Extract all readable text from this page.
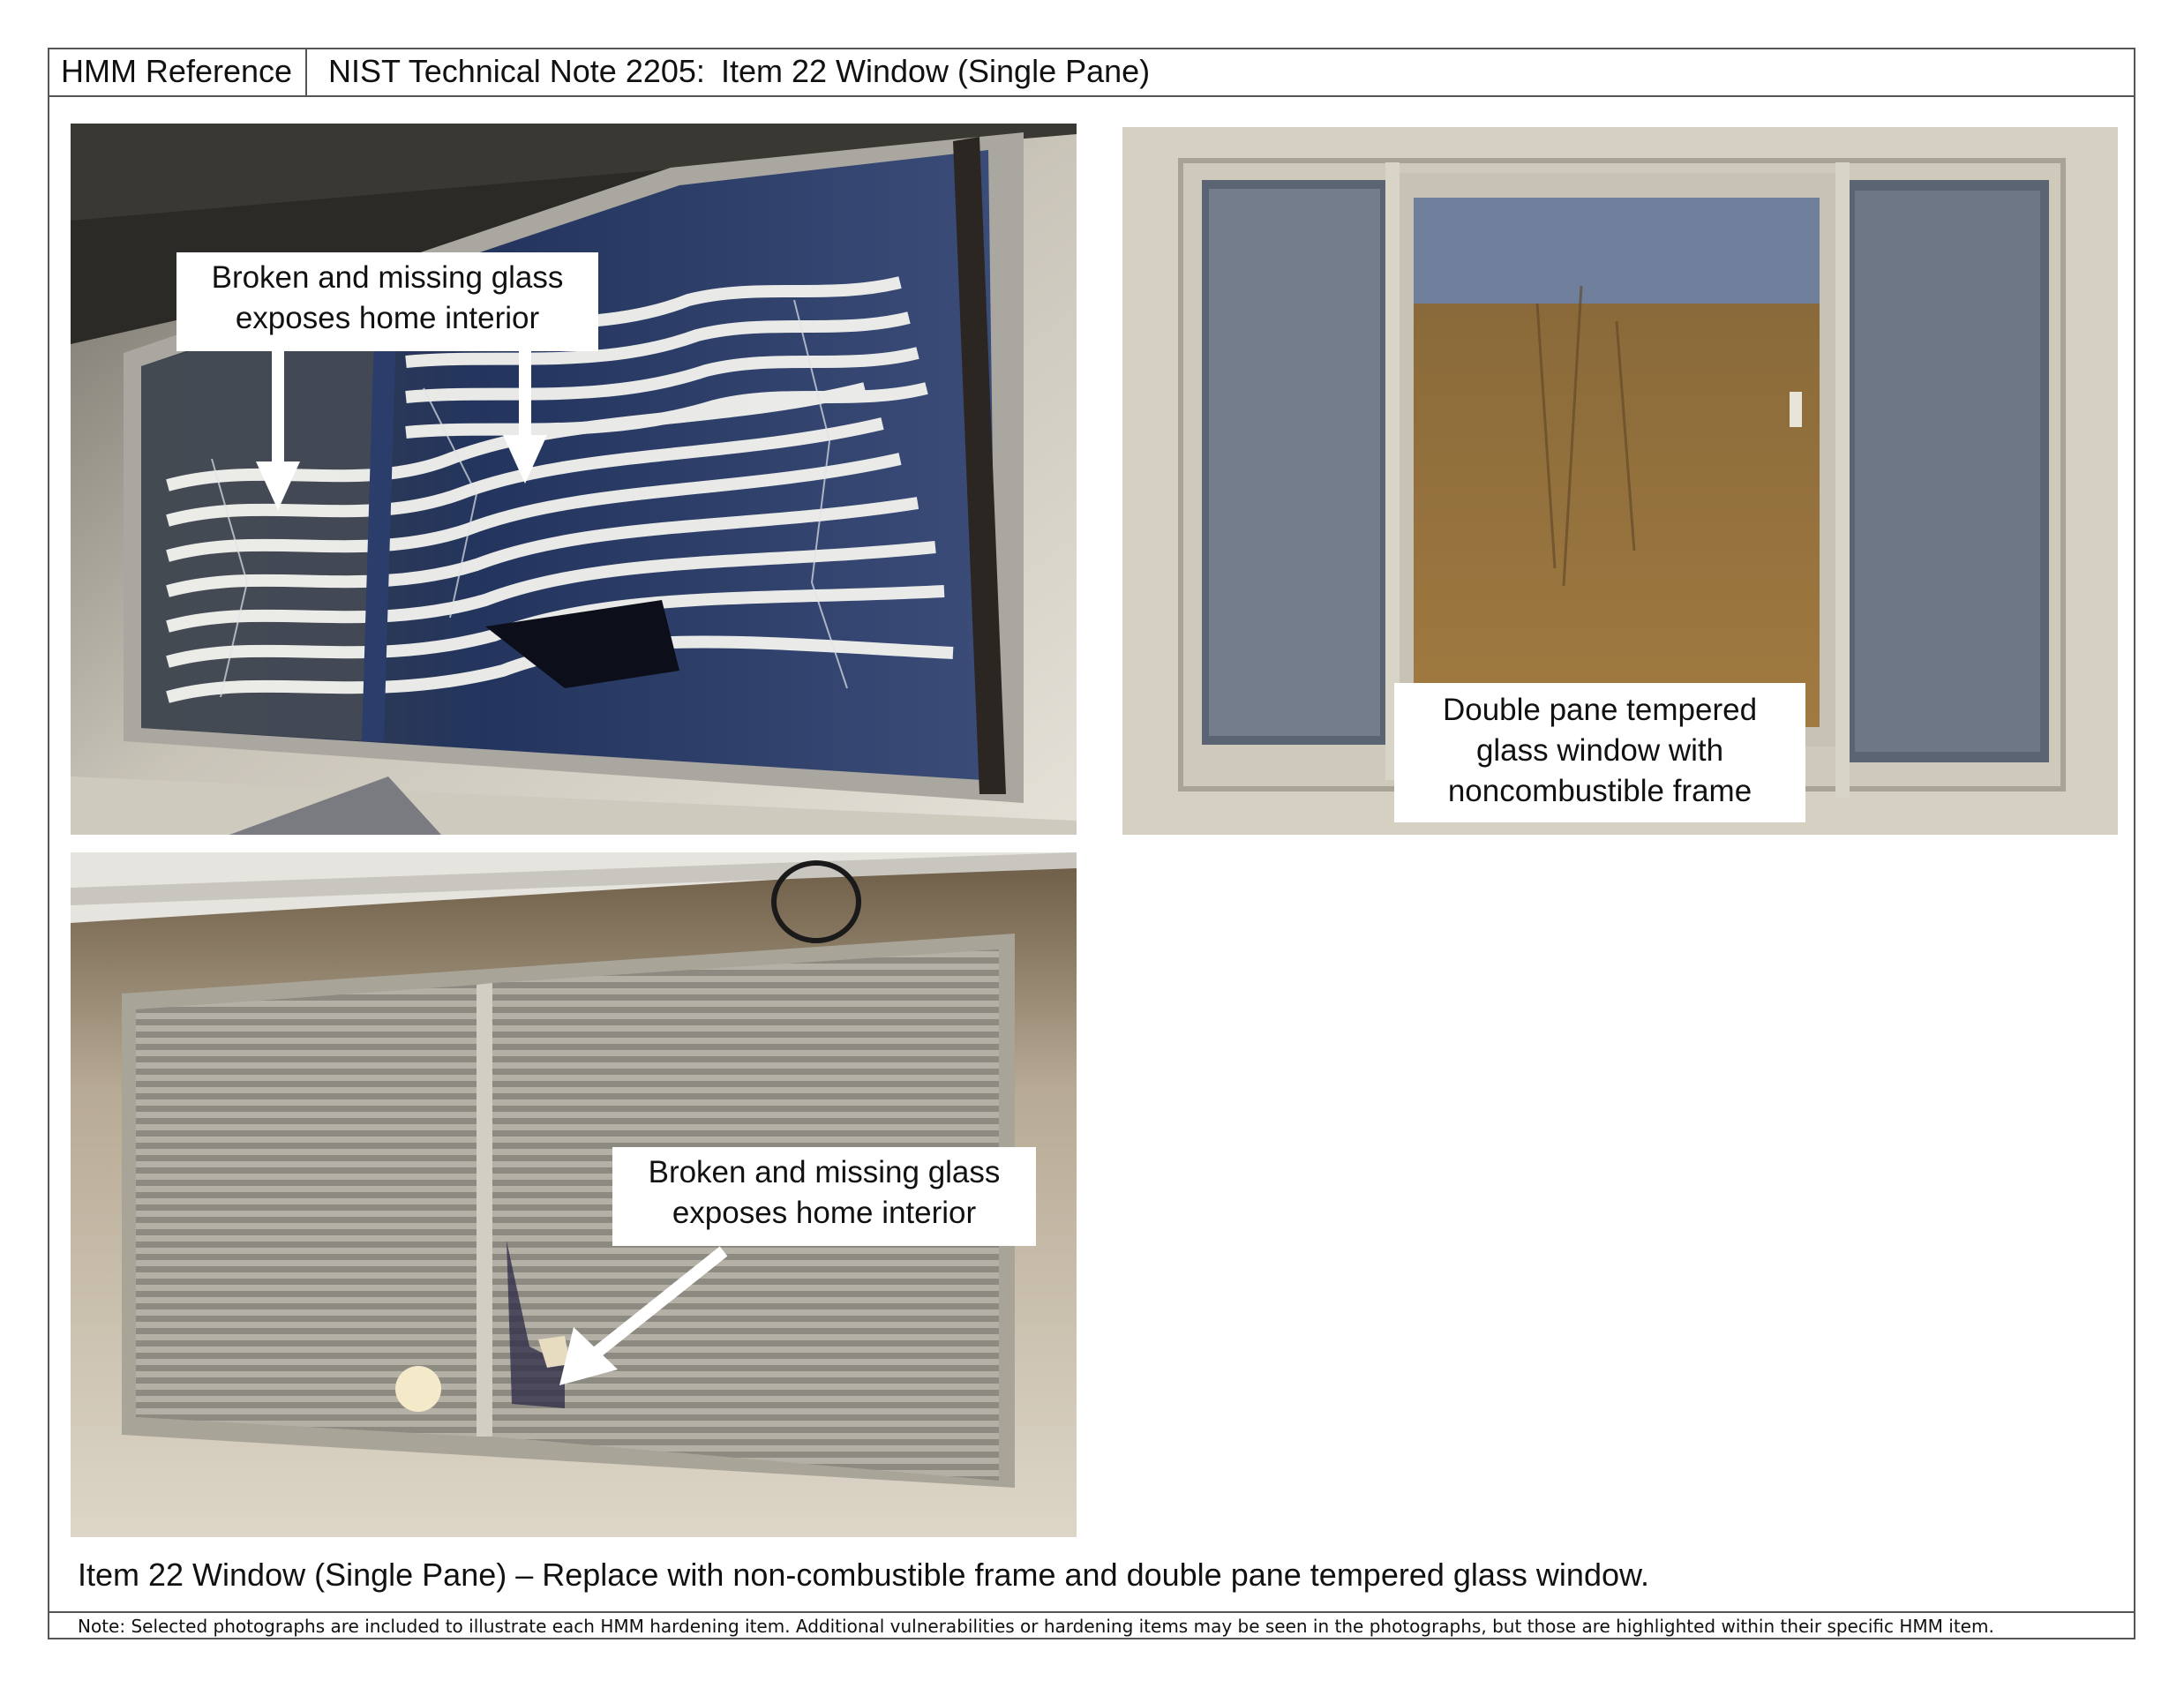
HMM Reference	NIST Technical Note 2205: Item 22 Window (Single Pane)
Broken and missing glass
exposes home interior
Double pane tempered
glass window with
noncombustible frame
Broken and missing glass
exposes home interior
Item 22 Window (Single Pane) – Replace with non-combustible frame and double pane tempered glass window.
Note: Selected photographs are included to illustrate each HMM hardening item. Additional vulnerabilities or hardening items may be seen in the photographs, but those are highlighted within their specific HMM item.
